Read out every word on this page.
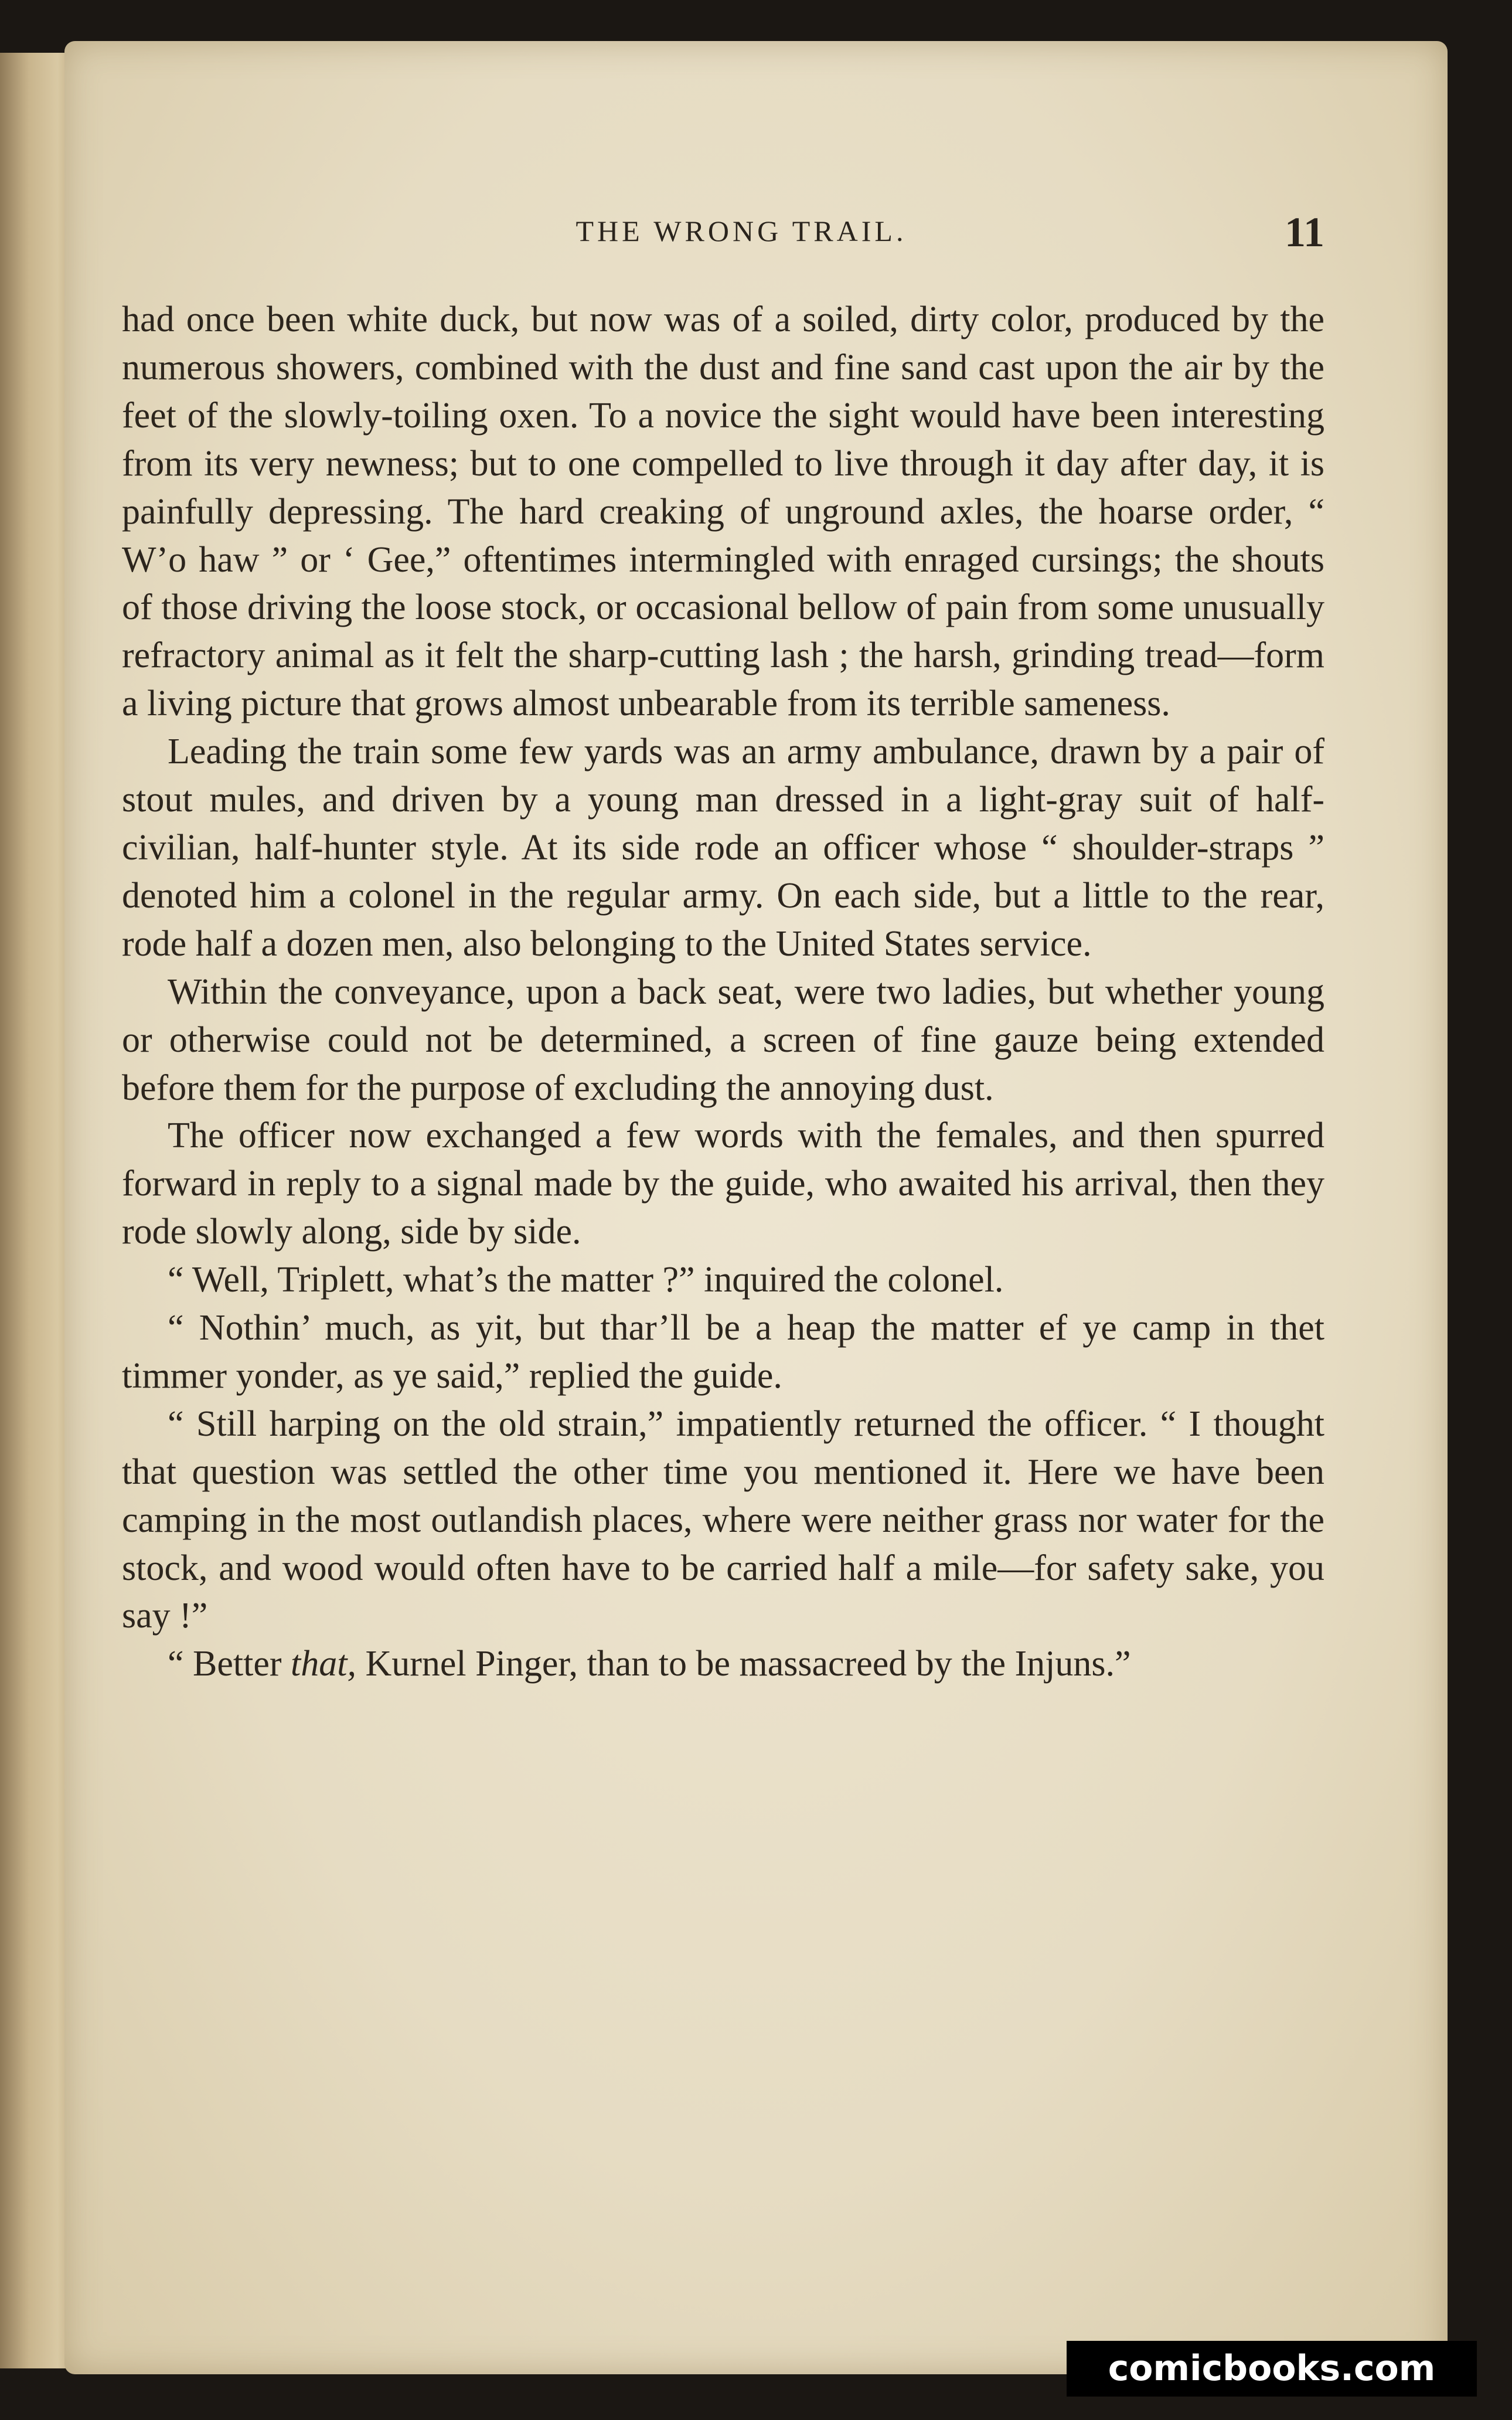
THE WRONG TRAIL.	11

had once been white duck, but now was of a soiled, dirty color, produced by the numerous showers, combined with the dust and fine sand cast upon the air by the feet of the slowly-toiling oxen. To a novice the sight would have been interesting from its very newness; but to one compelled to live through it day after day, it is painfully depressing. The hard creaking of unground axles, the hoarse order, “ W’o haw ” or ‘ Gee,” oftentimes intermingled with enraged cursings; the shouts of those driving the loose stock, or occasional bellow of pain from some unusually refractory animal as it felt the sharp-cutting lash ; the harsh, grinding tread—form a living picture that grows almost unbearable from its terrible sameness.

Leading the train some few yards was an army ambulance, drawn by a pair of stout mules, and driven by a young man dressed in a light-gray suit of half-civilian, half-hunter style. At its side rode an officer whose “ shoulder-straps ” denoted him a colonel in the regular army. On each side, but a little to the rear, rode half a dozen men, also belonging to the United States service.

Within the conveyance, upon a back seat, were two ladies, but whether young or otherwise could not be determined, a screen of fine gauze being extended before them for the purpose of excluding the annoying dust.

The officer now exchanged a few words with the females, and then spurred forward in reply to a signal made by the guide, who awaited his arrival, then they rode slowly along, side by side.

“ Well, Triplett, what’s the matter ?” inquired the colonel.

“ Nothin’ much, as yit, but thar’ll be a heap the matter ef ye camp in thet timmer yonder, as ye said,” replied the guide.

“ Still harping on the old strain,” impatiently returned the officer. “ I thought that question was settled the other time you mentioned it. Here we have been camping in the most outlandish places, where were neither grass nor water for the stock, and wood would often have to be carried half a mile—for safety sake, you say !”

“ Better that, Kurnel Pinger, than to be massacreed by the Injuns.”

comicbooks.com
